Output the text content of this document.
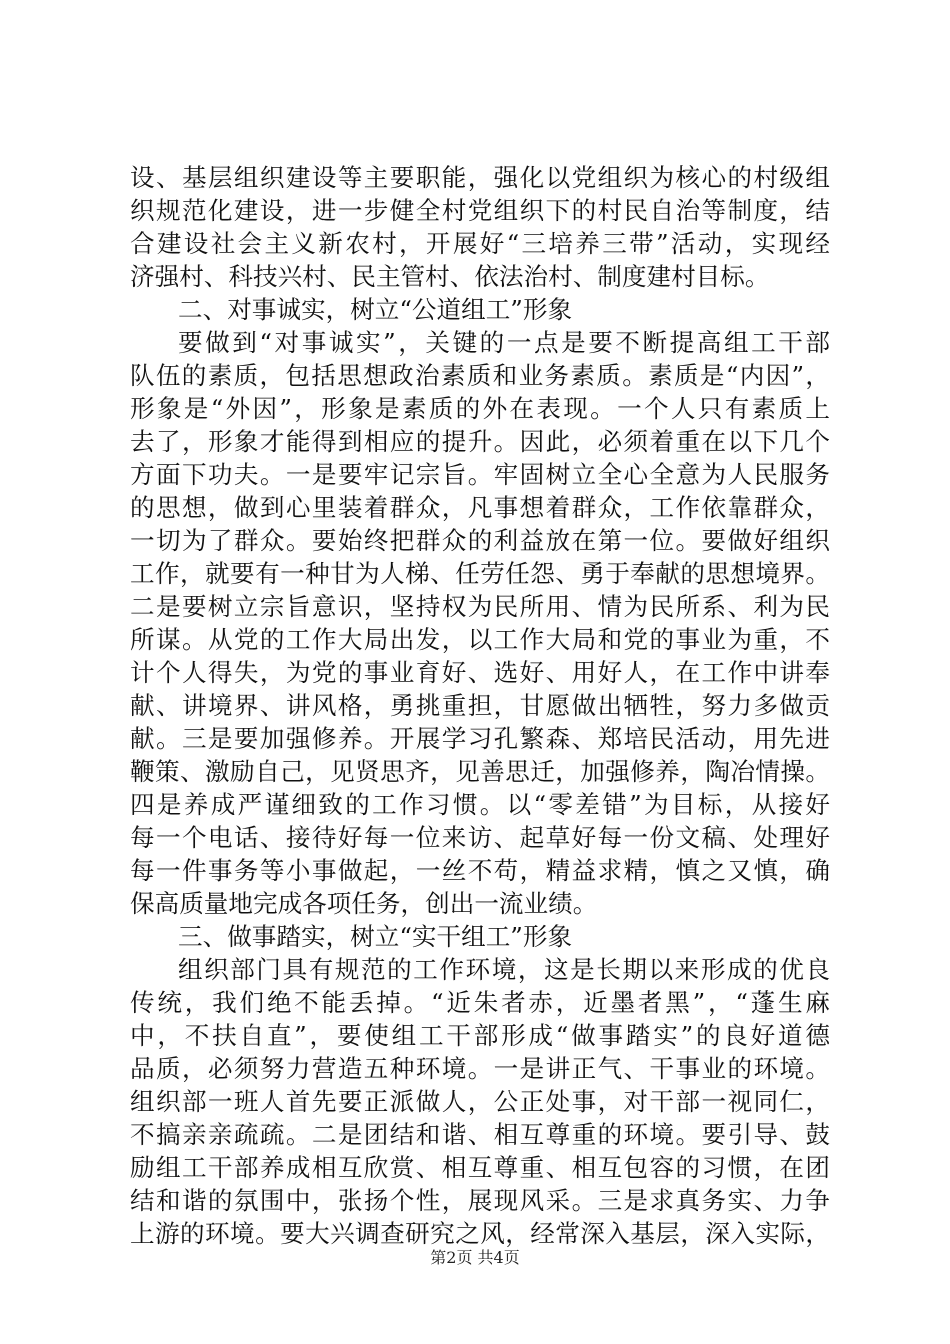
设、基层组织建设等主要职能，强化以党组织为核心的村级组
织规范化建设，进一步健全村党组织下的村民自治等制度，结
合建设社会主义新农村，开展好“三培养三带”活动，实现经
济强村、科技兴村、民主管村、依法治村、制度建村目标。
二、对事诚实，树立“公道组工”形象
要做到“对事诚实”，关键的一点是要不断提高组工干部
队伍的素质，包括思想政治素质和业务素质。素质是“内因”，
形象是“外因”，形象是素质的外在表现。一个人只有素质上
去了，形象才能得到相应的提升。因此，必须着重在以下几个
方面下功夫。一是要牢记宗旨。牢固树立全心全意为人民服务
的思想，做到心里装着群众，凡事想着群众，工作依靠群众，
一切为了群众。要始终把群众的利益放在第一位。要做好组织
工作，就要有一种甘为人梯、任劳任怨、勇于奉献的思想境界。
二是要树立宗旨意识，坚持权为民所用、情为民所系、利为民
所谋。从党的工作大局出发，以工作大局和党的事业为重，不
计个人得失，为党的事业育好、选好、用好人，在工作中讲奉
献、讲境界、讲风格，勇挑重担，甘愿做出牺牲，努力多做贡
献。三是要加强修养。开展学习孔繁森、郑培民活动，用先进
鞭策、激励自己，见贤思齐，见善思迁，加强修养，陶冶情操。
四是养成严谨细致的工作习惯。以“零差错”为目标，从接好
每一个电话、接待好每一位来访、起草好每一份文稿、处理好
每一件事务等小事做起，一丝不苟，精益求精，慎之又慎，确
保高质量地完成各项任务，创出一流业绩。
三、做事踏实，树立“实干组工”形象
组织部门具有规范的工作环境，这是长期以来形成的优良
传统，我们绝不能丢掉。“近朱者赤，近墨者黑”，“蓬生麻
中，不扶自直”，要使组工干部形成“做事踏实”的良好道德
品质，必须努力营造五种环境。一是讲正气、干事业的环境。
组织部一班人首先要正派做人，公正处事，对干部一视同仁，
不搞亲亲疏疏。二是团结和谐、相互尊重的环境。要引导、鼓
励组工干部养成相互欣赏、相互尊重、相互包容的习惯，在团
结和谐的氛围中，张扬个性，展现风采。三是求真务实、力争
上游的环境。要大兴调查研究之风，经常深入基层，深入实际，
第2页 共4页
